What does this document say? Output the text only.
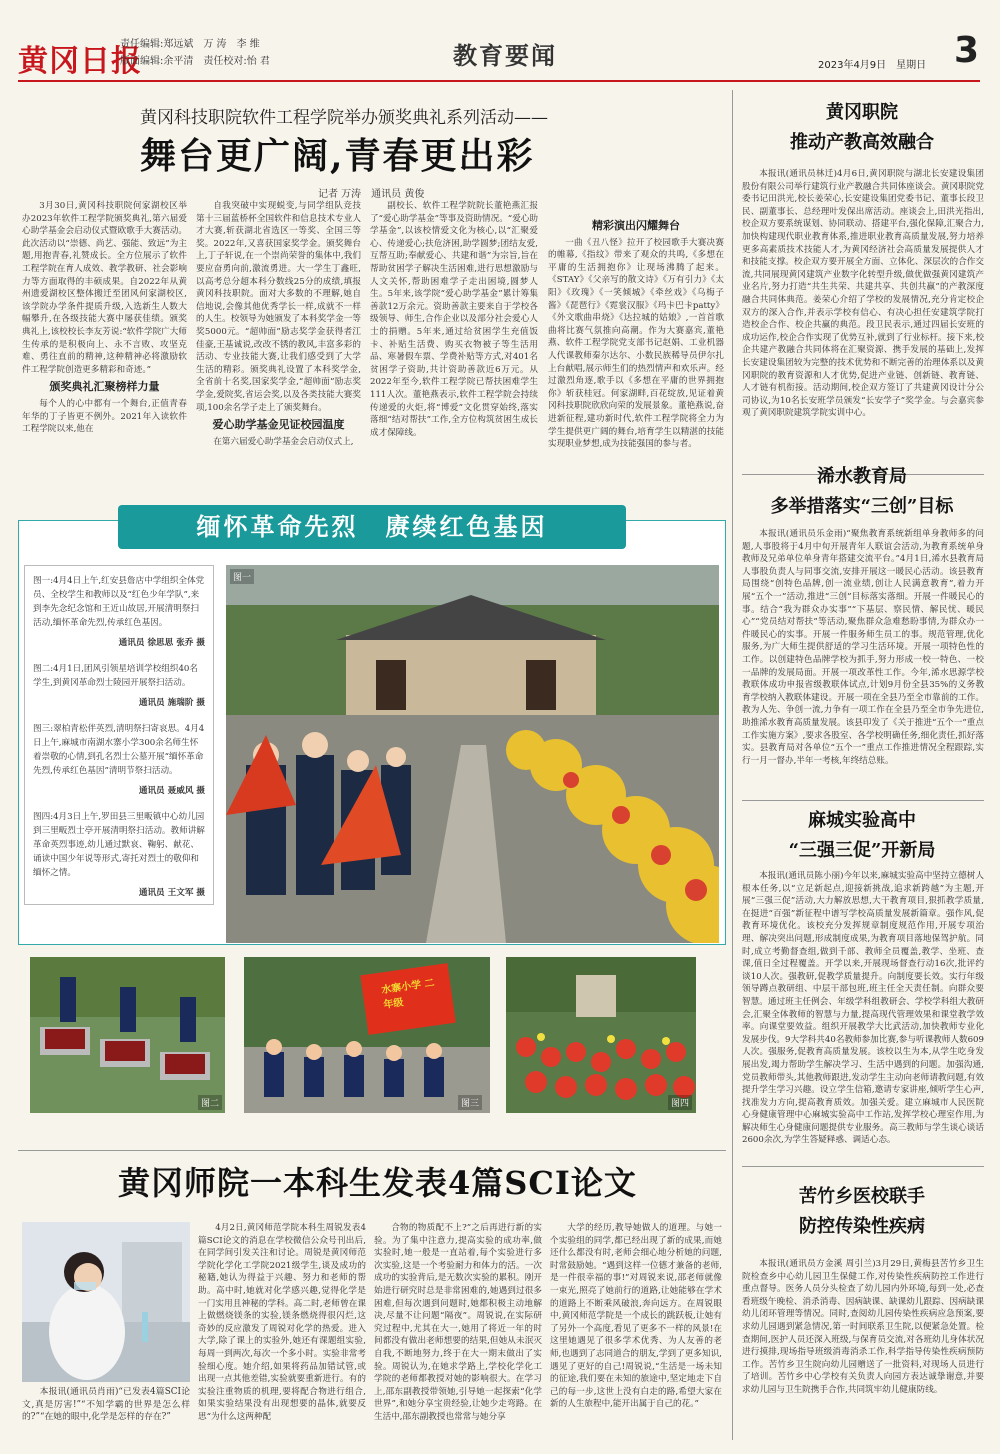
黄冈日报
责任编辑:郑远斌　万 涛　李 维
版面编辑:余平清　责任校对:怡 君	教育要闻	2023年4月9日　星期日 3
黄冈科技职院软件工程学院举办颁奖典礼系列活动——
舞台更广阔,青春更出彩
记者 万涛　通讯员 黄俊

3月30日,黄冈科技职院何家湖校区举办2023年软件工程学院颁奖典礼,第六届爱心助学基金会启动仪式暨欧歌手大赛活动。此次活动以“崇德、尚艺、强能、致远”为主题,用抱青春,礼赞成长。全方位展示了软件工程学院在育人成效、教学教研、社会影响力等方面取得的丰硕成果。自2022年从黄州遗爱湖校区整体搬迁至团风何家湖校区,该学院办学条件提质升级,入选新生人数大幅攀升,在各级技能大赛中屡获佳绩。颁奖典礼上,该校校长李友芳说:“软件学院广大师生传承的是积极向上、永不言败、攻坚克难、勇往直前的精神,这种精神必将激励软件工程学院创造更多精彩和奇迹。”

颁奖典礼汇聚榜样力量

每个人的心中都有一个舞台,正值青春年华的丁子皆更不例外。2021年入读软件工程学院以来,他在

自我突破中实现蜕变,与同学组队竞技第十三届蓝桥杯全国软件和信息技术专业人才大赛,斩获湖北省选区一等奖、全国三等奖。2022年,又喜获国家奖学金。颁奖舞台上,丁子轩说,在一个崇尚荣誉的集体中,我们要应奋勇向前,激流勇进。大一学生丁鑫旺,以高考总分超本科分数线25分的成绩,填报黄冈科技职院。面对大多数的不理解,她自信地说,会像其他优秀学长一样,成就不一样的人生。校领导为她颁发了本科奖学金一等奖5000元。“超帅面”励志奖学金获得者江佳豪,王基诚说,改改不锈的教风,丰富多彩的活动、专业技能大赛,让我们感受到了大学生活的精彩。颁奖典礼设置了本科奖学金,全省前十名奖,国家奖学金,“超帅面”励志奖学金,爱院奖,省运会奖,以及各类技能大赛奖项,100余名学子走上了颁奖舞台。

爱心助学基金见证校园温度

在第六届爱心助学基金会启动仪式上,

副校长、软件工程学院院长董艳燕汇报了“爱心助学基金”等事及资助情况。“爱心助学基金”,以该校情爱文化为核心,以“汇聚爱心、传递爱心;扶危济困,助学圆梦;团结友爱,互帮互助;奉献爱心、共建和谐”为宗旨,旨在帮助贫困学子解决生活困难,进行思想激励与人文关怀,帮助困难学子走出困境,圆梦人生。5年来,该学院“爱心助学基金”累计筹集善款12万余元。资助善款主要来自于学校各级领导、师生,合作企业以及部分社会爱心人士的捐赠。5年来,通过给贫困学生充值饭卡、补贴生活费、购买衣物被子等生活用品、寒暑假车票、学费补贴等方式,对401名贫困学子资助,共计资助善款近6万元。从2022年至今,软件工程学院已帮扶困难学生111人次。董艳燕表示,软件工程学院会持续传递爱的火炬,将“博爱”文化贯穿始终,落实落细“结对帮扶”工作,全方位构筑贫困生成长成才保障线。

精彩演出闪耀舞台

一曲《丑八怪》拉开了校园歌手大赛决赛的帷幕,《指纹》带来了观众的共鸣,《多想在平庸的生活拥抱你》让现场沸腾了起来。《STAY》《父亲写的散文诗》《万有引力》《太阳》《玫瑰》《一笑倾城》《牵丝戏》《乌梅子酱》《琵琶行》《霓裳汉服》《玛卡巴卡patty》《外文歌曲串烧》《达拉城的姑娘》,一首首歌曲将比赛气氛推向高潮。作为大赛嘉宾,董艳燕、软件工程学院党支部书记赵娟、工业机器人代课教师秦尔达尔、小数民族稀导员伊尔扎上台献唱,展示师生们的热烈情声和欢乐声。经过激烈角逐,歌手以《多想在平庸的世界拥抱你》斩获桂冠。何家湖畔,百花绽放,见证着黄冈科技职院欣欣向荣的发展景象。董艳燕说,奋进新征程,建功新时代,软件工程学院将全力为学生提供更广阔的舞台,培育学生以精湛的技能实现职业梦想,成为技能强国的参与者。

黄冈职院
推动产教高效融合

本报讯(通讯员林迁)4月6日,黄冈职院与湖北长安建设集团股份有限公司举行建筑行业产教融合共同体座谈会。黄冈职院党委书记田洪光,校长姜荣心,长安建设集团党委书记、董事长段卫民、副董事长、总经理叶发保出席活动。座谈会上,田洪光指出,校企双方要系统谋划、协同联动、搭建平台,强化保障,汇聚合力,加快构建现代职业教育体系,推进职业教育高质量发展,努力培养更多高素质技术技能人才,为黄冈经济社会高质量发展提供人才和技能支撑。校企双方要开展全方面、立体化、深层次的合作交流,共同展现黄冈建筑产业数字化转型升级,做优做强黄冈建筑产业名片,努力打造“共生共荣、共建共享、共创共赢”的产教深度融合共同体典范。姜荣心介绍了学校的发展情况,充分肯定校企双方的深入合作,并表示学校有信心、有决心担任安建筑学院打造校企合作、校企共赢的典范。段卫民表示,通过四届长安班的成功运作,校企合作实现了优势互补,就到了行业标杆。接下来,校企共建产教融合共同体将在汇聚资源、携手发展的基础上,发挥长安建设集团较为完整的技术优势和不断完善的治理体系以及黄冈职院的教育资源和人才优势,促进产业链、创新链、教育链、人才链有机衔接。活动期间,校企双方签订了共建黄冈设计分公司协议,为10名长安班学员颁发“长安学子”奖学金。与会嘉宾参观了黄冈职院建筑学院实训中心。

浠水教育局
多举措落实“三创”目标

本报讯(通讯员乐金雨)“聚焦教育系统新组单身教师多的问题,人事股将于4月中旬开展青年人联谊会活动,为教育系统单身教师及兄弟单位单身青年搭建交流平台。”4月1日,浠水县教育局人事股负责人与同事交流,安排开展这一暖民心活动。该县教育局围绕“创特色品牌,创一流业绩,创让人民满意教育”,着力开展“五个一”活动,推进“三创”目标落实落细。开展一件暖民心的事。结合“我为群众办实事”“下基层、察民情、解民忧、暖民心”“党员结对帮扶”等活动,聚焦群众急难愁盼事情,为群众办一件暖民心的实事。开展一件服务师生员工的事。规范管理,优化服务,为广大师生提供舒适的学习生活环境。开展一项特色性的工作。以创建特色品牌学校为抓手,努力形成一校一特色、一校一品牌的发展局面。开展一项改革性工作。今年,浠水思源学校教联体成功申报省级教联体试点,计划9月份全县35%的义务教育学校纳入教联体建设。开展一项在全县乃至全市靠前的工作。教为人先、争创一流,力争有一项工作在全县乃至全市争先进位,助推浠水教育高质量发展。该县印发了《关于推进“五个一”重点工作实施方案》,要求各股室、各学校明确任务,细化责任,抓好落实。县教育局对各单位“五个一”重点工作推进情况全程跟踪,实行一月一督办,半年一考核,年终结总账。

麻城实验高中
“三强三促”开新局

本报讯(通讯员陈小丽)今年以来,麻城实验高中坚持立德树人根本任务,以“立足新起点,迎接新挑战,追求新跨越”为主题,开展“三强三促”活动,大力解放思想,大干教育项目,狠抓教学质量,在挺进“百强”新征程中谱写学校高质量发展新篇章。强作风,促教育环境优化。该校充分发挥规章制度规范作用,开展专项治理、解决突出问题,形成制度成果,为教育项目落地保驾护航。同时,成立考勤督查组,做到千部、教师全员覆盖,教学、坐班、查课,值日全过程覆盖。开学以来,开展现场督查行动16次,批评约谈10人次。强教研,促教学质量提升。向制度要长效。实行年级领导蹲点教研组、中层干部包班,班主任全天责任制。向群众要智慧。通过班主任例会、年级学科组教研会、学校学科组大教研会,汇聚全体教师的智慧与力量,提高现代管理效果和课堂教学效率。向课堂要效益。组织开展教学大比武活动,加快教师专业化发展步伐。9大学科共40名教师参加比赛,参与听课教师人数609人次。强服务,促教育高质量发展。该校以生为本,从学生吃身发展出发,竭力帮助学生解决学习、生活中遇到的问题。加强沟通,党员教师带头,其他教师跟进,发动学生主动向老师请教问题,有效提升学生学习兴趣。设立学生信箱,邀请专家讲座,倾听学生心声,找准发力方向,提高教育质效。加强关爱。建立麻城市人民医院心身健康管理中心麻城实验高中工作站,发挥学校心理室作用,为解决师生心身健康问题提供专业服务。高三教师与学生谈心谈话2600余次,为学生答疑释惑、调适心态。

苦竹乡医校联手
防控传染性疾病

本报讯(通讯员方金溪 周引兰)3月29日,黄梅县苦竹乡卫生院检查乡中心幼儿园卫生保健工作,对传染性疾病防控工作进行重点督导。医务人员分头检查了幼儿园内外环境,每到一处,必查看班级午晚检、消杀消毒、因病缺课、缺课幼儿跟踪、因病缺课幼儿闭环管理等情况。同时,查阅幼儿园传染性疾病应急预案,要求幼儿园遇到紧急情况,第一时间联系卫生院,以便紧急处置。检查期间,医护人员还深入班级,与保育员交流,对各班幼儿身体状况进行摸排,现场指导班级消毒消杀工作,科学指导传染性疾病预防工作。苦竹乡卫生院向幼儿园赠送了一批资料,对现场人员进行了培训。苦竹乡中心学校有关负责人向园方表达诚挚谢意,并要求幼儿园与卫生院携手合作,共同筑牢幼儿健康防线。

缅怀革命先烈　赓续红色基因

图一:4月4日上午,红安县詹店中学组织全体党员、全校学生和教师以及“红色少年学队”,来到李先念纪念馆和王近山故居,开展清明祭扫活动,缅怀革命先烈,传承红色基因。

通讯员 徐思思 张乔 摄

图二:4月1日,团风引领星培训学校组织40名学生,到黄冈革命烈士陵园开展祭扫活动。

通讯员 施瑞阶 摄

图三:翠柏青松伴英烈,清明祭扫寄哀思。4月4日上午,麻城市南湖水寨小学300余名师生怀着崇敬的心情,到孔名烈士公墓开展“缅怀革命先烈,传承红色基因”清明节祭扫活动。

通讯员 聂威风 摄

图四:4月3日上午,罗田县三里畈镇中心幼儿园到三里畈烈士亭开展清明祭扫活动。教师讲解革命英烈事迹,幼儿通过默哀、鞠躬、献花、诵读中国少年说等形式,寄托对烈士的敬仰和缅怀之情。

通讯员 王文军 摄
图一
图二
水寨小学 二年级
图三	图四
黄冈师院一本科生发表4篇SCI论文

本报讯(通讯员肖雨)“已发表4篇SCI论文,真是厉害!”“不知学霸的世界是怎么样的?”“在她的眼中,化学是怎样的存在?”

4月2日,黄冈师范学院本科生周锐发表4篇SCI论文的消息在学校微信公众号刊出后,在同学间引发关注和讨论。周锐是黄冈师范学院化学化工学院2021级学生,谈及成功的秘籍,她认为得益于兴趣、努力和老师的帮助。高中时,她就对化学感兴趣,觉得化学是一门实用且神秘的学科。高二时,老师曾在课上做燃烧镁条的实验,镁条燃烧得很闪烂,这奇妙的反应激发了周锐对化学的热爱。进入大学,除了课上的实验外,她还有课题组实验,每周一到两次,每次一个多小时。实验非常考验细心度。她介绍,如果将药品加错试管,或出现一点其他差错,实验就要重新进行。有的实验注重物质的机理,要将配合物进行组合,如果实验结果没有出现想要的晶体,就要反思“为什么这两种配

合物的物质配不上?”之后再进行新的实验。为了集中注意力,提高实验的成功率,做实验时,她一般是一直站着,每个实验进行多次实验,这是一个考验耐力和体力的活。一次成功的实验背后,是无数次实验的累积。刚开始进行研究时总是非常困难的,她遇到过很多困难,但每次遇到问题时,她都积极主动地解决,尽量不让问题“隔夜”。周锐说,在实际研究过程中,尤其在大一,她用了将近一年的时间都没有做出老师想要的结果,但她从未泯灭自我,不断地努力,终于在大一期末做出了实验。周锐认为,在她求学路上,学校化学化工学院的老师都教授对她的影响很大。在学习上,邵东副教授带领她,引导她一起探索“化学世界”,和她分享宝贵经验,让她少走弯路。在生活中,邵东副教授也常常与她分享

大学的经历,教导她做人的道理。与她一个实验组的同学,都已经出现了新的成果,而她还什么都没有时,老师会细心地分析她的问题,时常鼓励她。“遇到这样一位德才兼备的老师,是一件很幸福的事!”对周锐来说,邵老师就像一束光,照亮了她前行的道路,让她能够在学术的道路上不断乘风破浪,奔向远方。在周锐眼中,黄冈师范学院是一个成长的跳跃板,让她有了另外一个高度,看见了更多不一样的风景!在这里她遇见了很多学术优秀、为人友善的老师,也遇到了志同道合的朋友,学到了更多知识,遇见了更好的自己!周锐说,“生活是一场未知的征途,我们要在未知的旅途中,坚定地走下自己的每一步,这世上没有白走的路,希望大家在新的人生旅程中,能开出属于自己的花。”
